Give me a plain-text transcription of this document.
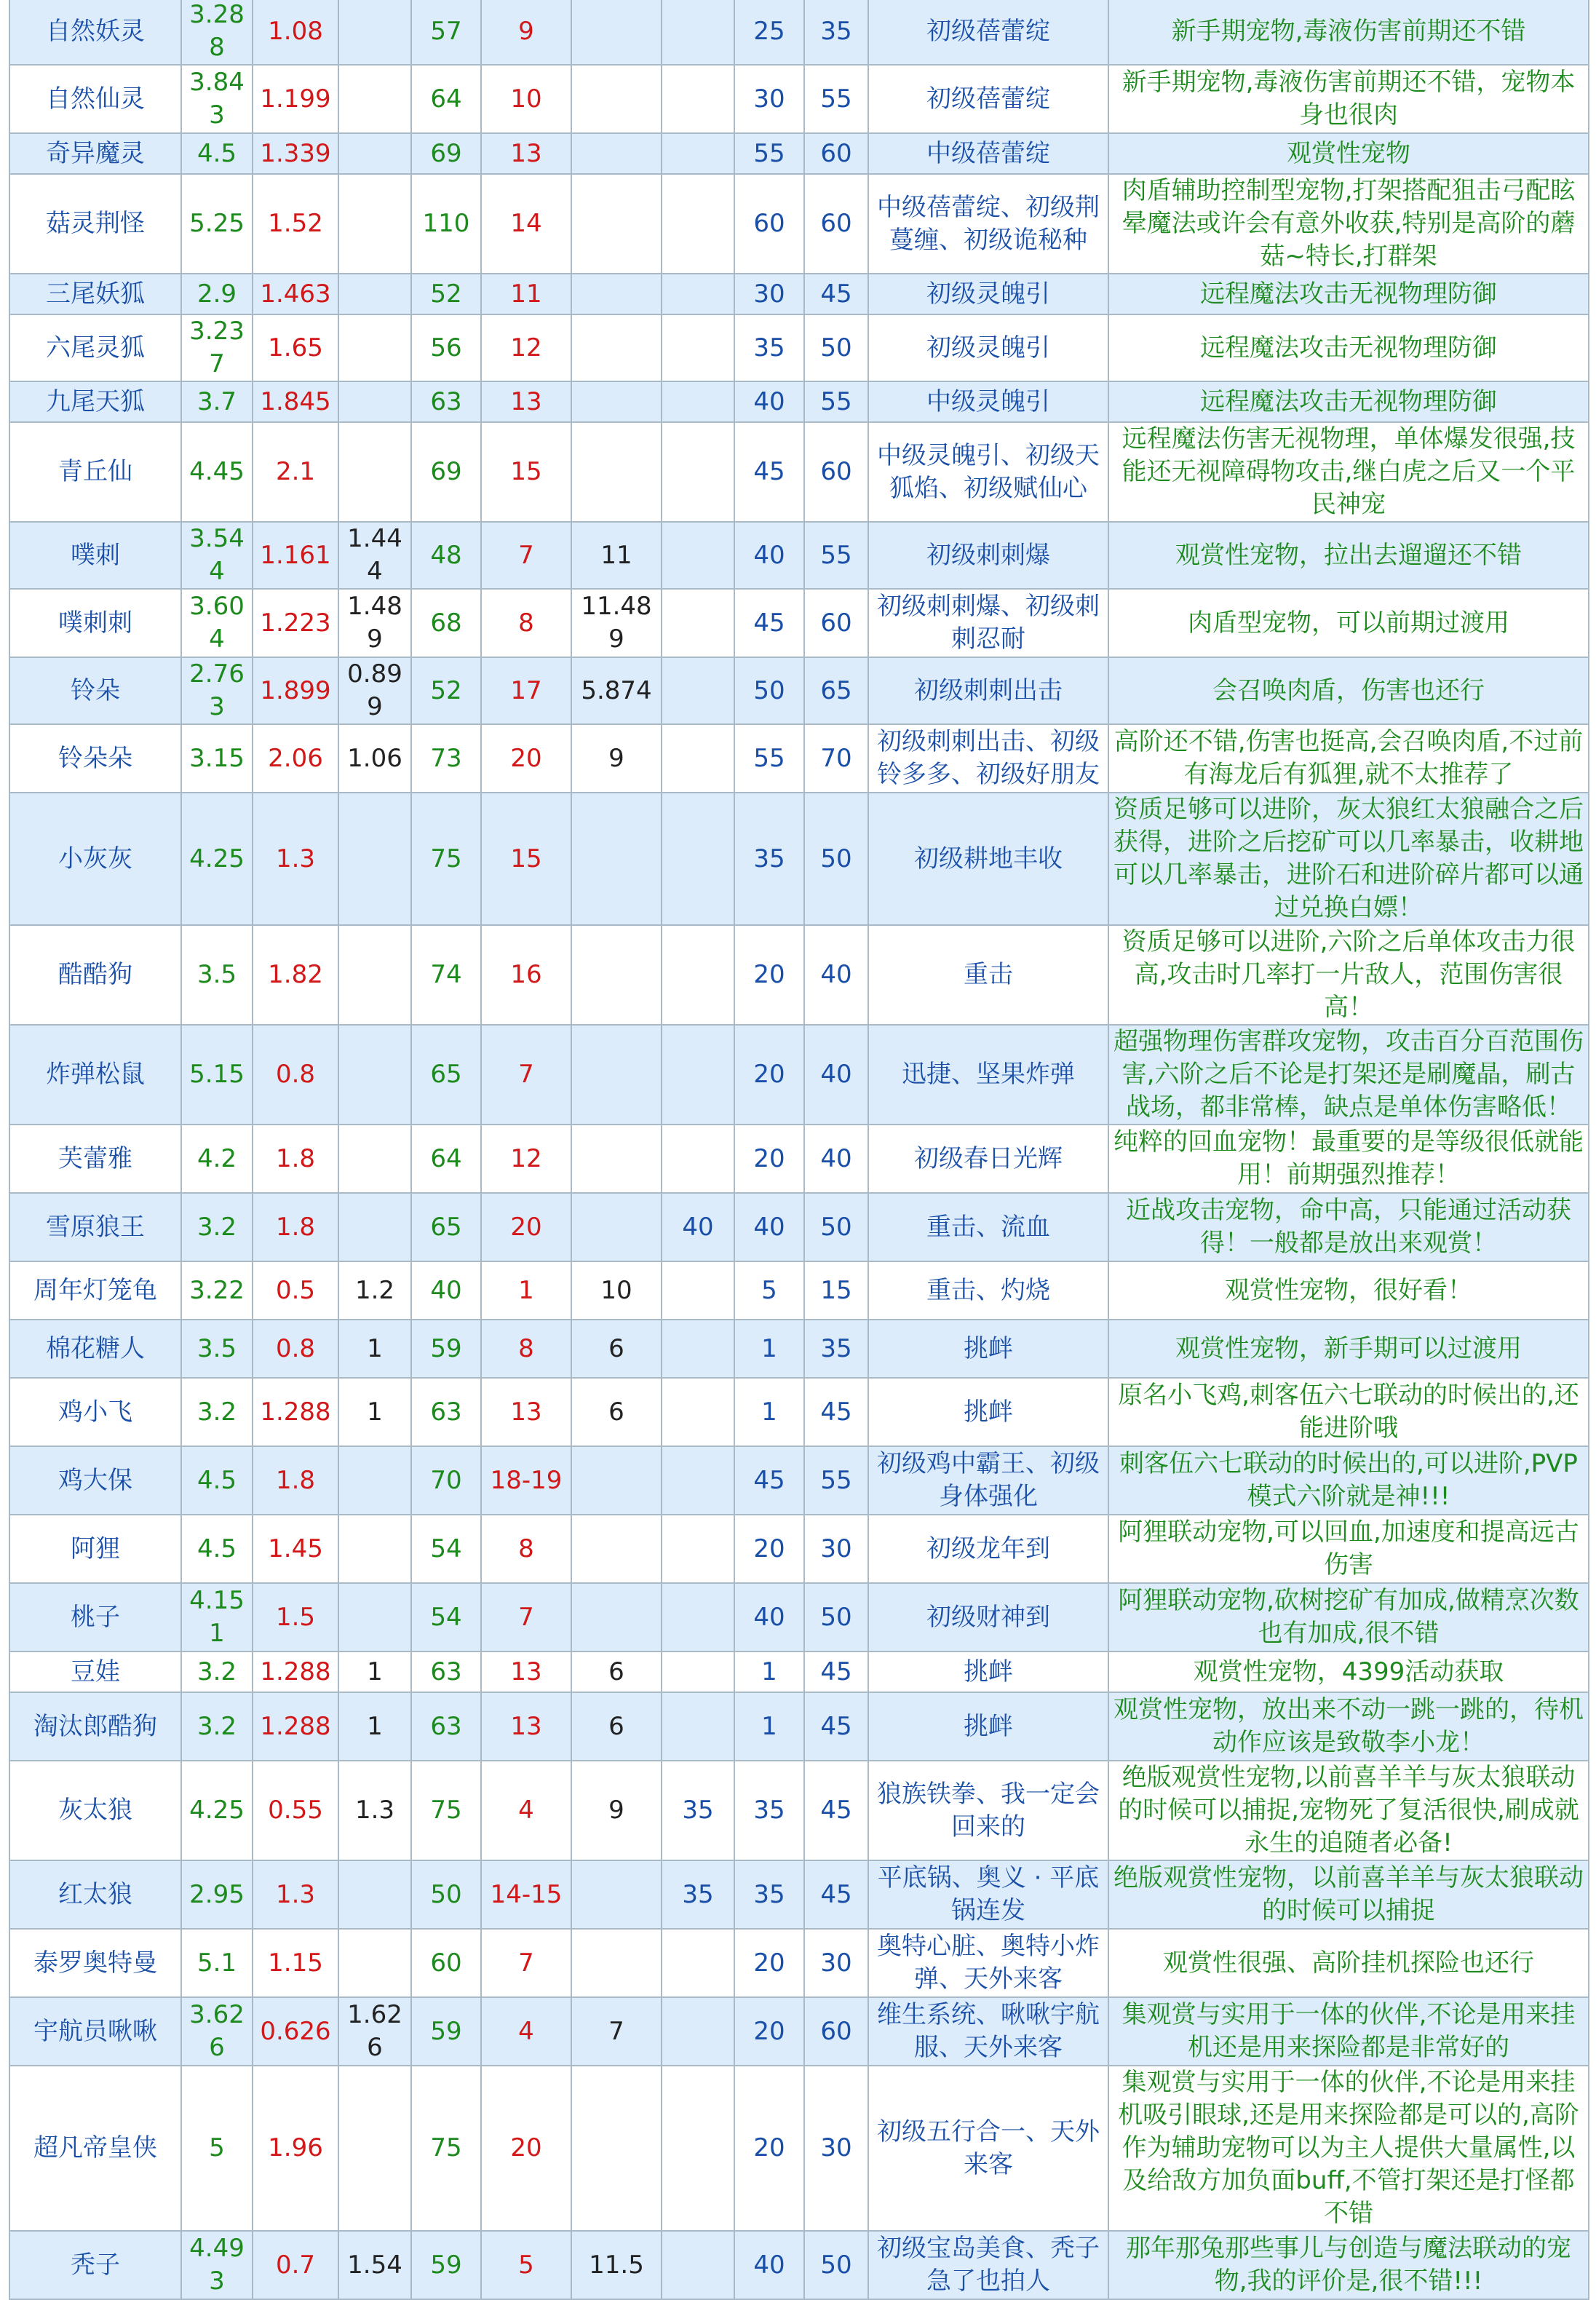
自然妖灵	3.288	1.08		57	9			25	35	初级蓓蕾绽	新手期宠物,毒液伤害前期还不错
自然仙灵	3.843	1.199		64	10			30	55	初级蓓蕾绽	新手期宠物,毒液伤害前期还不错，宠物本身也很肉
奇异魔灵	4.5	1.339		69	13			55	60	中级蓓蕾绽	观赏性宠物
菇灵荆怪	5.25	1.52		110	14			60	60	中级蓓蕾绽、初级荆蔓缠、初级诡秘种	肉盾辅助控制型宠物,打架搭配狙击弓配眩晕魔法或许会有意外收获,特别是高阶的蘑菇~特长,打群架
三尾妖狐	2.9	1.463		52	11			30	45	初级灵魄引	远程魔法攻击无视物理防御
六尾灵狐	3.237	1.65		56	12			35	50	初级灵魄引	远程魔法攻击无视物理防御
九尾天狐	3.7	1.845		63	13			40	55	中级灵魄引	远程魔法攻击无视物理防御
青丘仙	4.45	2.1		69	15			45	60	中级灵魄引、初级天狐焰、初级赋仙心	远程魔法伤害无视物理，单体爆发很强,技能还无视障碍物攻击,继白虎之后又一个平民神宠
噗刺	3.544	1.161	1.444	48	7	11		40	55	初级刺刺爆	观赏性宠物，拉出去遛遛还不错
噗刺刺	3.604	1.223	1.489	68	8	11.489		45	60	初级刺刺爆、初级刺刺忍耐	肉盾型宠物，可以前期过渡用
铃朵	2.763	1.899	0.899	52	17	5.874		50	65	初级刺刺出击	会召唤肉盾，伤害也还行
铃朵朵	3.15	2.06	1.06	73	20	9		55	70	初级刺刺出击、初级铃多多、初级好朋友	高阶还不错,伤害也挺高,会召唤肉盾,不过前有海龙后有狐狸,就不太推荐了
小灰灰	4.25	1.3		75	15			35	50	初级耕地丰收	资质足够可以进阶，灰太狼红太狼融合之后获得，进阶之后挖矿可以几率暴击，收耕地可以几率暴击，进阶石和进阶碎片都可以通过兑换白嫖！
酷酷狗	3.5	1.82		74	16			20	40	重击	资质足够可以进阶,六阶之后单体攻击力很高,攻击时几率打一片敌人，范围伤害很高！
炸弹松鼠	5.15	0.8		65	7			20	40	迅捷、坚果炸弹	超强物理伤害群攻宠物，攻击百分百范围伤害,六阶之后不论是打架还是刷魔晶，刷古战场，都非常棒，缺点是单体伤害略低！
芙蕾雅	4.2	1.8		64	12			20	40	初级春日光辉	纯粹的回血宠物！最重要的是等级很低就能用！前期强烈推荐！
雪原狼王	3.2	1.8		65	20		40	40	50	重击、流血	近战攻击宠物，命中高，只能通过活动获得！一般都是放出来观赏！
周年灯笼龟	3.22	0.5	1.2	40	1	10		5	15	重击、灼烧	观赏性宠物，很好看！
棉花糖人	3.5	0.8	1	59	8	6		1	35	挑衅	观赏性宠物，新手期可以过渡用
鸡小飞	3.2	1.288	1	63	13	6		1	45	挑衅	原名小飞鸡,刺客伍六七联动的时候出的,还能进阶哦
鸡大保	4.5	1.8		70	18-19			45	55	初级鸡中霸王、初级身体强化	刺客伍六七联动的时候出的,可以进阶,PVP模式六阶就是神!!!
阿狸	4.5	1.45		54	8			20	30	初级龙年到	阿狸联动宠物,可以回血,加速度和提高远古伤害
桃子	4.151	1.5		54	7			40	50	初级财神到	阿狸联动宠物,砍树挖矿有加成,做精烹次数也有加成,很不错
豆娃	3.2	1.288	1	63	13	6		1	45	挑衅	观赏性宠物，4399活动获取
淘汰郎酷狗	3.2	1.288	1	63	13	6		1	45	挑衅	观赏性宠物，放出来不动一跳一跳的，待机动作应该是致敬李小龙！
灰太狼	4.25	0.55	1.3	75	4	9	35	35	45	狼族铁拳、我一定会回来的	绝版观赏性宠物,以前喜羊羊与灰太狼联动的时候可以捕捉,宠物死了复活很快,刷成就永生的追随者必备!
红太狼	2.95	1.3		50	14-15		35	35	45	平底锅、奥义 · 平底锅连发	绝版观赏性宠物，以前喜羊羊与灰太狼联动的时候可以捕捉
泰罗奥特曼	5.1	1.15		60	7			20	30	奥特心脏、奥特小炸弹、天外来客	观赏性很强、高阶挂机探险也还行
宇航员啾啾	3.626	0.626	1.626	59	4	7		20	60	维生系统、啾啾宇航服、天外来客	集观赏与实用于一体的伙伴,不论是用来挂机还是用来探险都是非常好的
超凡帝皇侠	5	1.96		75	20			20	30	初级五行合一、天外来客	集观赏与实用于一体的伙伴,不论是用来挂机吸引眼球,还是用来探险都是可以的,高阶作为辅助宠物可以为主人提供大量属性,以及给敌方加负面buff,不管打架还是打怪都不错
秃子	4.493	0.7	1.54	59	5	11.5		40	50	初级宝岛美食、秃子急了也拍人	那年那兔那些事儿与创造与魔法联动的宠物,我的评价是,很不错!!!
